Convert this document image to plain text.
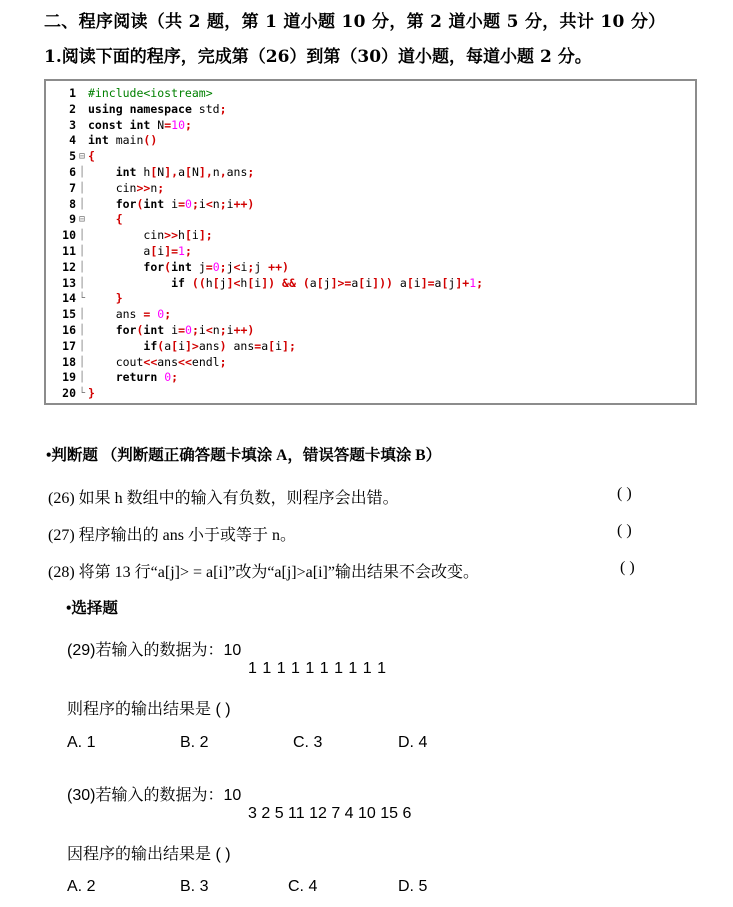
二、程序阅读（共 2 题，第 1 道小题 10 分，第 2 道小题 5 分，共计 10 分）
1.阅读下面的程序，完成第（26）到第（30）道小题，每道小题 2 分。
1 #include<iostream>
2 using namespace std;
3 const int N=10;
4 int main()
5 ⊟ {
6 │	int h[N],a[N],n,ans;
7 │ cin>>n;
8 │	for(int i=0;i<n;i++)
9 ⊟	{
10 │ cin>>h[i];
11 │ a[i]=1;
12 │	for(int j=0;j<i;j ++)
13 │	if ((h[j]<h[i]) && (a[j]>=a[i])) a[i]=a[j]+1;
14 └	}
15 │ ans = 0;
16 │	for(int i=0;i<n;i++)
17 │	if(a[i]>ans) ans=a[i];
18 │ cout<<ans<<endl;
19 │	return 0;
20 └ }
•判断题 （判断题正确答题卡填涂 A，错误答题卡填涂 B）
(26) 如果 h 数组中的输入有负数，则程序会出错。	( )
(27) 程序输出的 ans 小于或等于 n。	( )
(28) 将第 13 行“a[j]> = a[i]”改为“a[j]>a[i]”输出结果不会改变。	( )
•选择题
(29)若输入的数据为：10
1 1 1 1 1 1 1 1 1 1
则程序的输出结果是 ( )
A. 1	B. 2	C. 3	D. 4
(30)若输入的数据为：10
3 2 5 11 12 7 4 10 15 6
因程序的输出结果是 ( )
A. 2	B. 3	C. 4	D. 5
